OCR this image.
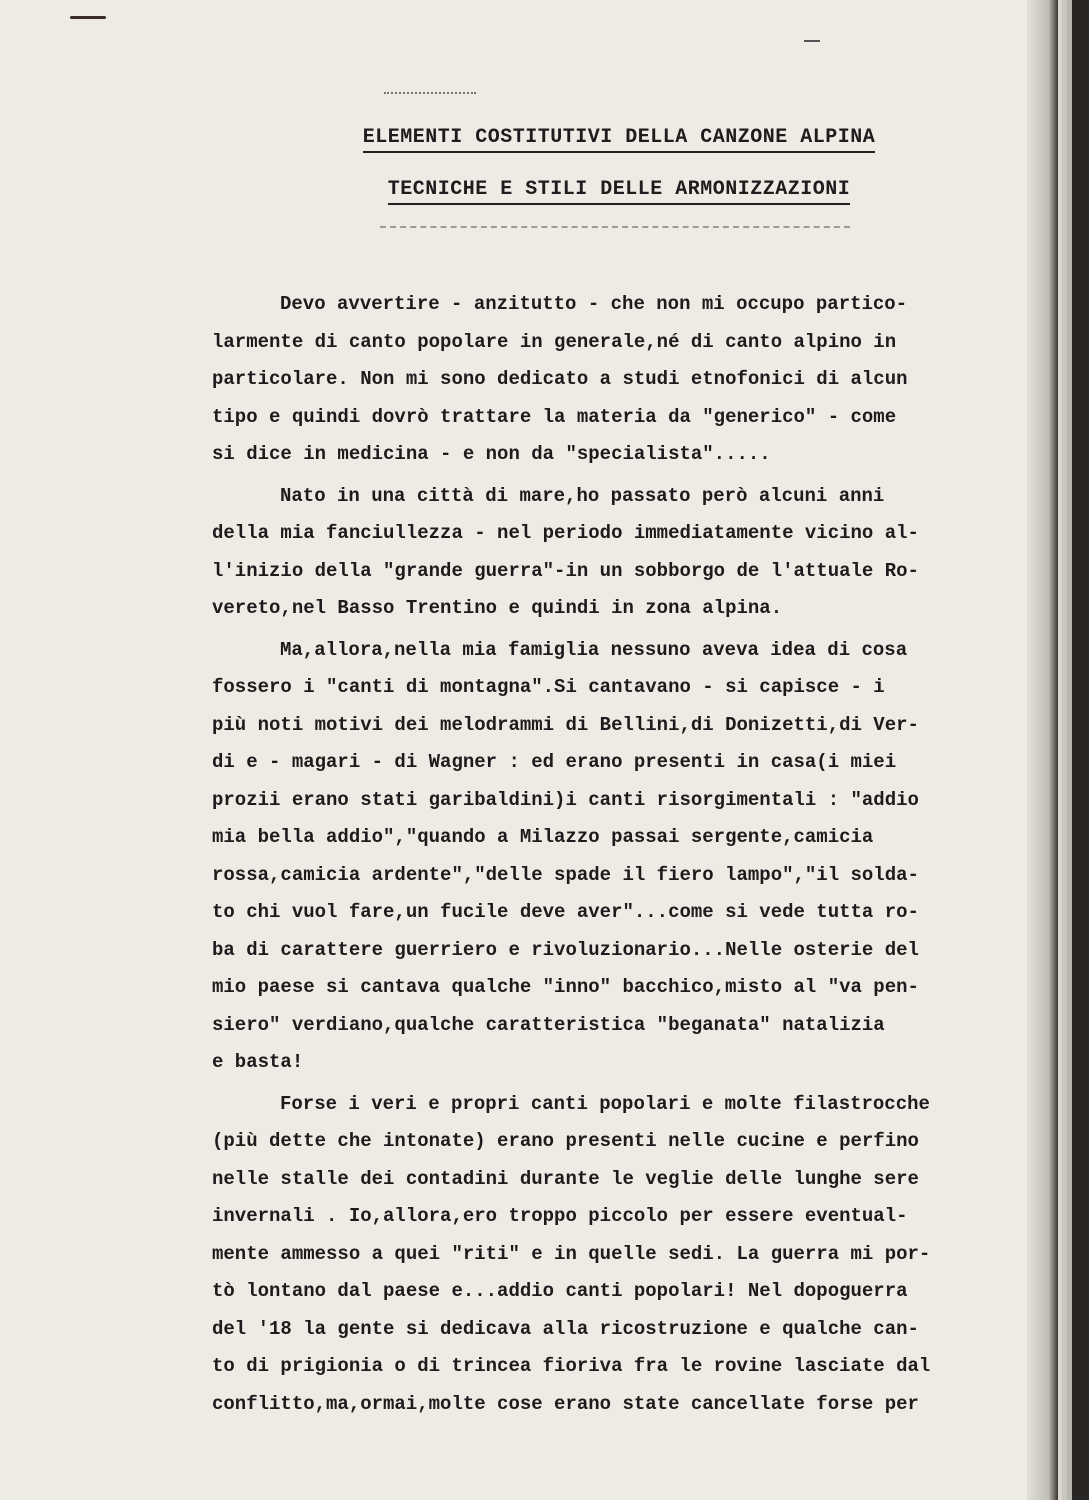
ELEMENTI COSTITUTIVI DELLA CANZONE ALPINA
TECNICHE E STILI DELLE ARMONIZZAZIONI
Devo avvertire - anzitutto - che non mi occupo partico-
larmente di canto popolare in generale,né di canto alpino in
particolare. Non mi sono dedicato a studi etnofonici di alcun
tipo e quindi dovrò trattare la materia da "generico" - come
si dice in medicina - e non da "specialista".....
Nato in una città di mare,ho passato però alcuni anni
della mia fanciullezza - nel periodo immediatamente vicino al-
l'inizio della "grande guerra"-in un sobborgo de l'attuale Ro-
vereto,nel Basso Trentino e quindi in zona alpina.
Ma,allora,nella mia famiglia nessuno aveva idea di cosa
fossero i "canti di montagna".Si cantavano - si capisce - i
più noti motivi dei melodrammi di Bellini,di Donizetti,di Ver-
di e - magari - di Wagner : ed erano presenti in casa(i miei
prozii erano stati garibaldini)i canti risorgimentali : "addio
mia bella addio","quando a Milazzo passai sergente,camicia
rossa,camicia ardente","delle spade il fiero lampo","il solda-
to chi vuol fare,un fucile deve aver"...come si vede tutta ro-
ba di carattere guerriero e rivoluzionario...Nelle osterie del
mio paese si cantava qualche "inno" bacchico,misto al "va pen-
siero" verdiano,qualche caratteristica "beganata" natalizia
e basta!
Forse i veri e propri canti popolari e molte filastrocche
(più dette che intonate) erano presenti nelle cucine e perfino
nelle stalle dei contadini durante le veglie delle lunghe sere
invernali . Io,allora,ero troppo piccolo per essere eventual-
mente ammesso a quei "riti" e in quelle sedi. La guerra mi por-
tò lontano dal paese e...addio canti popolari! Nel dopoguerra
del '18 la gente si dedicava alla ricostruzione e qualche can-
to di prigionia o di trincea fioriva fra le rovine lasciate dal
conflitto,ma,ormai,molte cose erano state cancellate forse per
